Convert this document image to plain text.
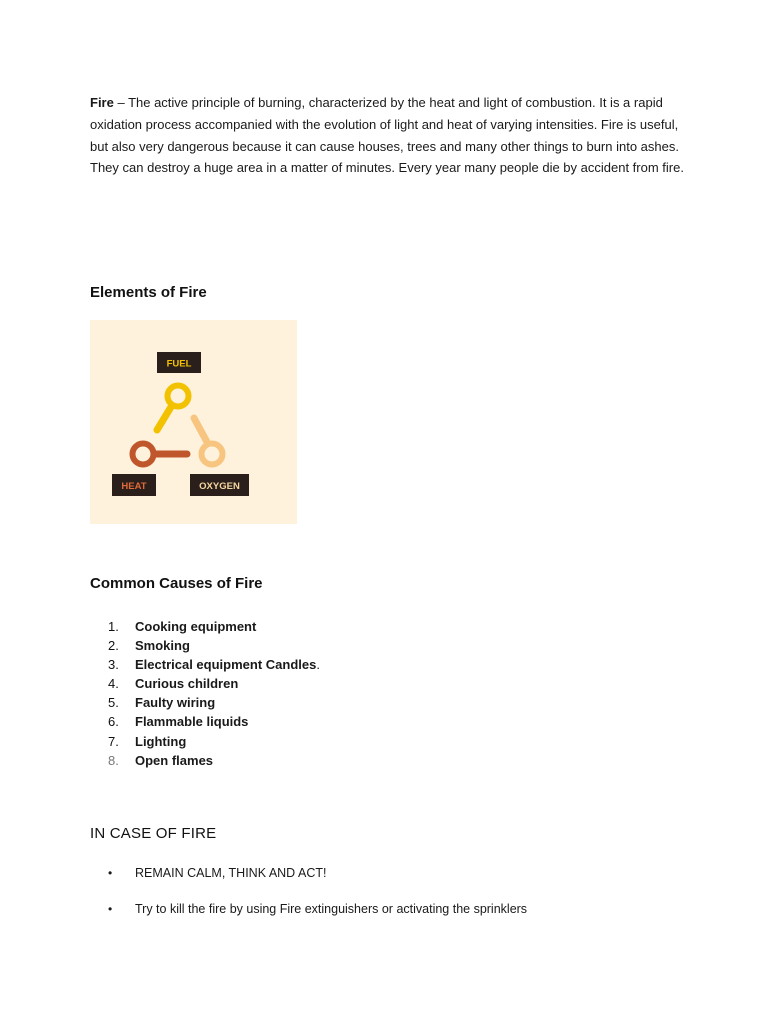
Fire – The active principle of burning, characterized by the heat and light of combustion. It is a rapid oxidation process accompanied with the evolution of light and heat of varying intensities. Fire is useful, but also very dangerous because it can cause houses, trees and many other things to burn into ashes. They can destroy a huge area in a matter of minutes. Every year many people die by accident from fire.

Elements of Fire
FUEL
HEAT	OXYGEN
Common Causes of Fire
1. Cooking equipment
2. Smoking
3. Electrical equipment Candles.
4. Curious children
5. Faulty wiring
6. Flammable liquids
7. Lighting
8. Open flames
IN CASE OF FIRE
• REMAIN CALM, THINK AND ACT!
• Try to kill the fire by using Fire extinguishers or activating the sprinklers
